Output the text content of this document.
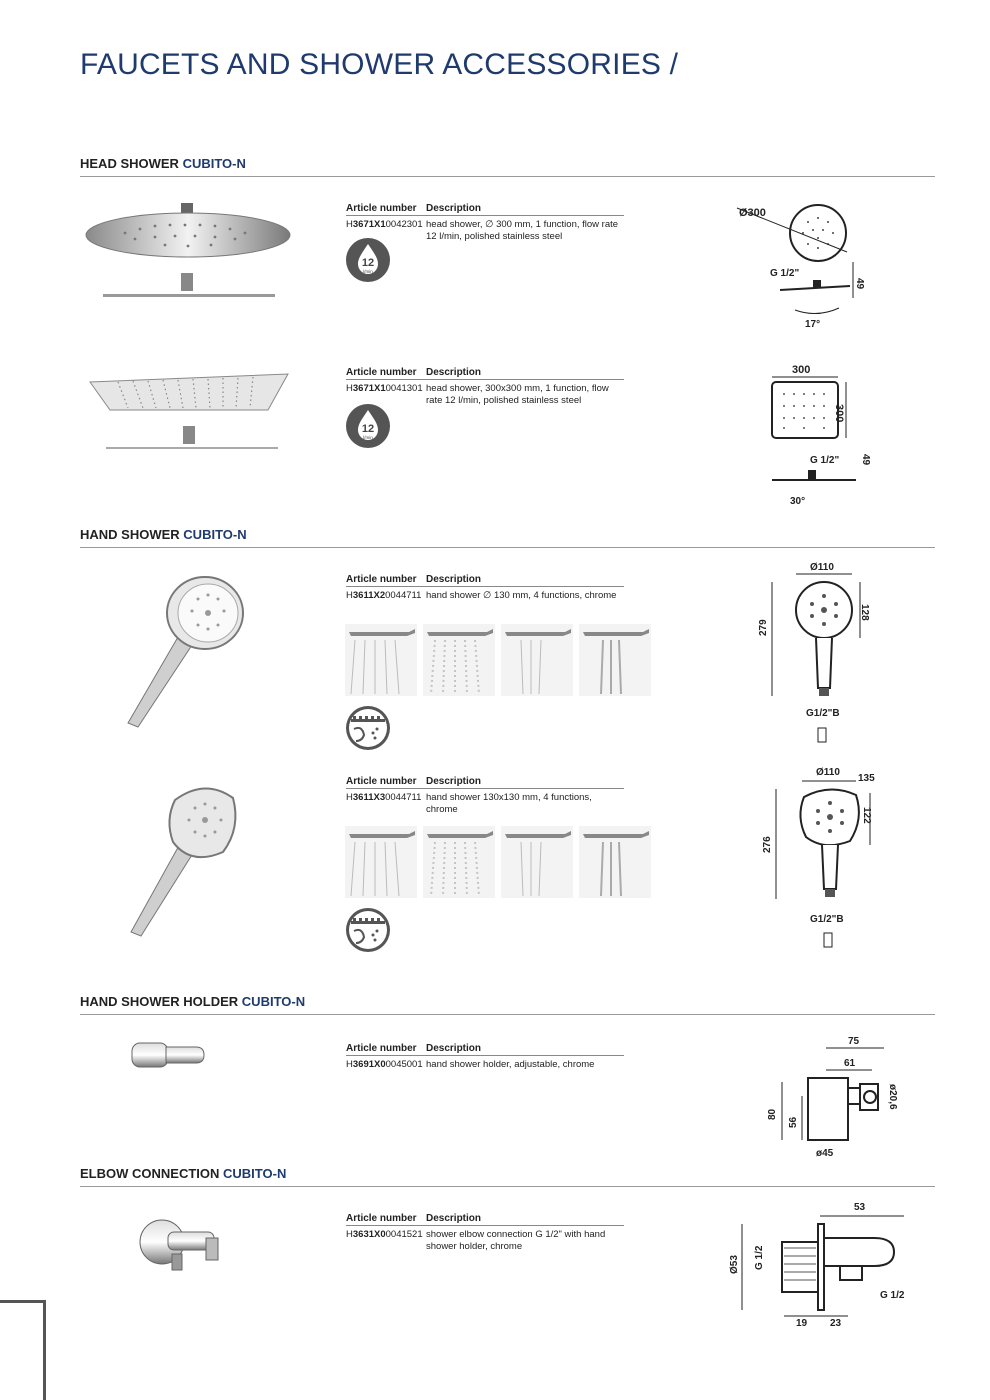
FAUCETS AND SHOWER ACCESSORIES /
HEAD SHOWER CUBITO-N
HAND SHOWER CUBITO-N
HAND SHOWER HOLDER CUBITO-N
ELBOW CONNECTION CUBITO-N
Article number Description
H3671X10042301 head shower, ∅ 300 mm, 1 function, flow rate 12 l/min, polished stainless steel
Article number Description
H3671X10041301 head shower, 300x300 mm, 1 function, flow rate 12 l/min, polished stainless steel
Article number Description
H3611X20044711 hand shower ∅ 130 mm, 4 functions, chrome
Article number Description
H3611X30044711 hand shower 130x130 mm, 4 functions, chrome
Article number Description
H3691X00045001 hand shower holder, adjustable, chrome
Article number Description
H3631X00041521 shower elbow connection G 1/2" with hand shower holder, chrome
12
l/min
12
l/min
Ø300
G 1/2"
49
17°
300
300
G 1/2" 49
30°
Ø110
279
128
G1/2"B
Ø110
135
276
122
G1/2"B
75
61
80
56
ø20,6
ø45
53
Ø53 G 1/2
G 1/2
19 23
